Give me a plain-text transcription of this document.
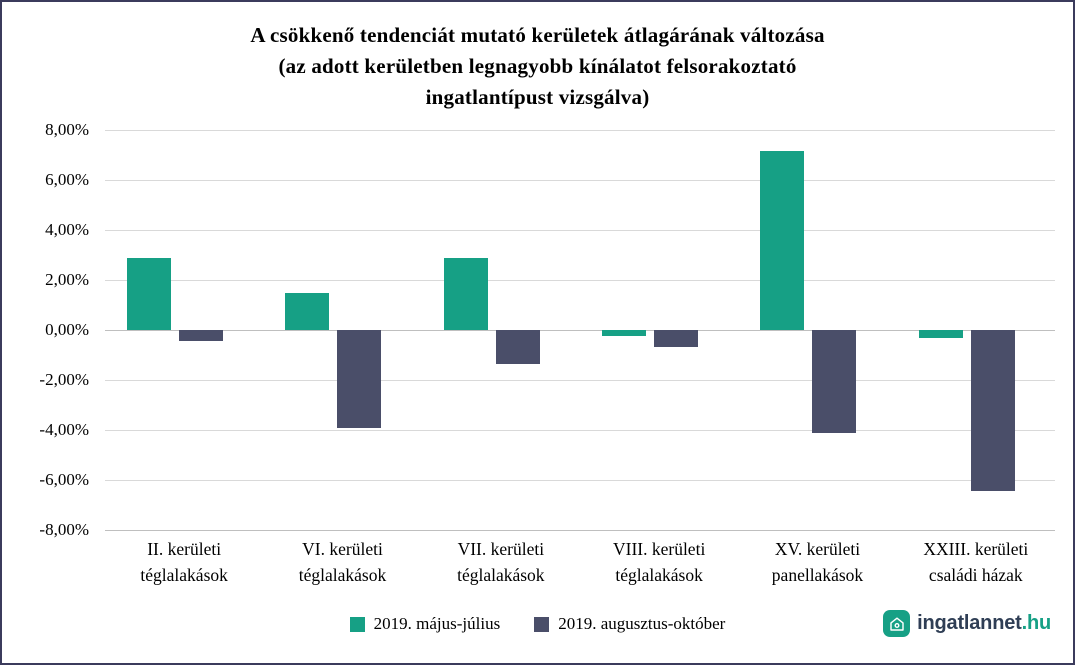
A csökkenő tendenciát mutató kerületek átlagárának változása
(az adott kerületben legnagyobb kínálatot felsorakoztató
ingatlantípust vizsgálva)
8,00%
6,00%
4,00%
2,00%
0,00%
-2,00%
-4,00%
-6,00%
-8,00%
II. kerületi
téglalakások
VI. kerületi
téglalakások
VII. kerületi
téglalakások
VIII. kerületi
téglalakások
XV. kerületi
panellakások
XXIII. kerületi
családi házak
2019. május-július	2019. augusztus-október	ingatlannet.hu
